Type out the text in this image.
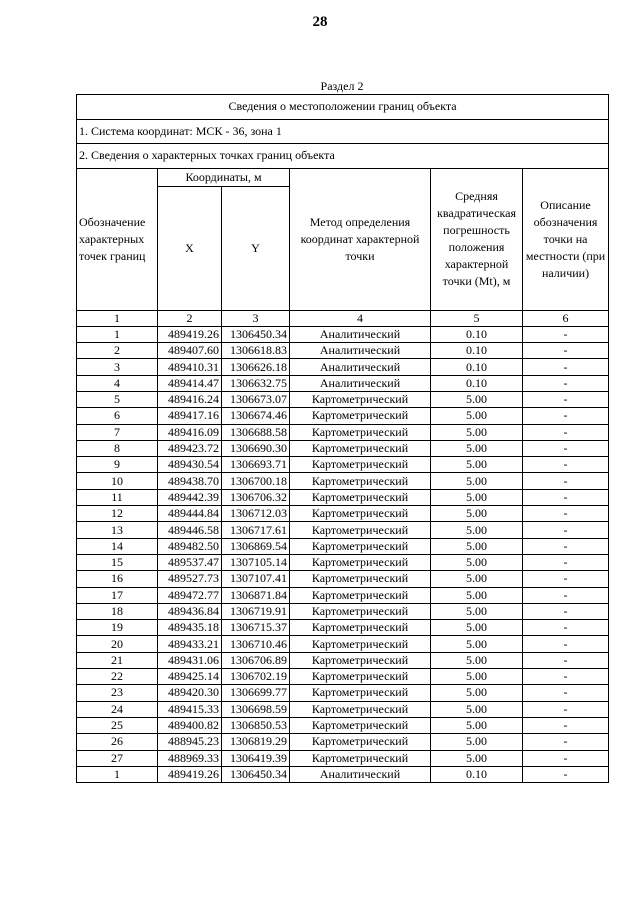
28
Раздел 2
Сведения о местоположении границ объекта					
1. Система координат: МСК - 36, зона 1					
2. Сведения о характерных точках границ объекта					
Обозначение характерных точек границ	Координаты, м		Метод определения координат характерной точки	Средняя квадратическая погрешность положения характерной точки (Mt), м	Описание обозначения точки на местности (при наличии)
	X	Y			
1	2	3	4	5	6
1	489419.26	1306450.34	Аналитический	0.10	-
2	489407.60	1306618.83	Аналитический	0.10	-
3	489410.31	1306626.18	Аналитический	0.10	-
4	489414.47	1306632.75	Аналитический	0.10	-
5	489416.24	1306673.07	Картометрический	5.00	-
6	489417.16	1306674.46	Картометрический	5.00	-
7	489416.09	1306688.58	Картометрический	5.00	-
8	489423.72	1306690.30	Картометрический	5.00	-
9	489430.54	1306693.71	Картометрический	5.00	-
10	489438.70	1306700.18	Картометрический	5.00	-
11	489442.39	1306706.32	Картометрический	5.00	-
12	489444.84	1306712.03	Картометрический	5.00	-
13	489446.58	1306717.61	Картометрический	5.00	-
14	489482.50	1306869.54	Картометрический	5.00	-
15	489537.47	1307105.14	Картометрический	5.00	-
16	489527.73	1307107.41	Картометрический	5.00	-
17	489472.77	1306871.84	Картометрический	5.00	-
18	489436.84	1306719.91	Картометрический	5.00	-
19	489435.18	1306715.37	Картометрический	5.00	-
20	489433.21	1306710.46	Картометрический	5.00	-
21	489431.06	1306706.89	Картометрический	5.00	-
22	489425.14	1306702.19	Картометрический	5.00	-
23	489420.30	1306699.77	Картометрический	5.00	-
24	489415.33	1306698.59	Картометрический	5.00	-
25	489400.82	1306850.53	Картометрический	5.00	-
26	488945.23	1306819.29	Картометрический	5.00	-
27	488969.33	1306419.39	Картометрический	5.00	-
1	489419.26	1306450.34	Аналитический	0.10	-
